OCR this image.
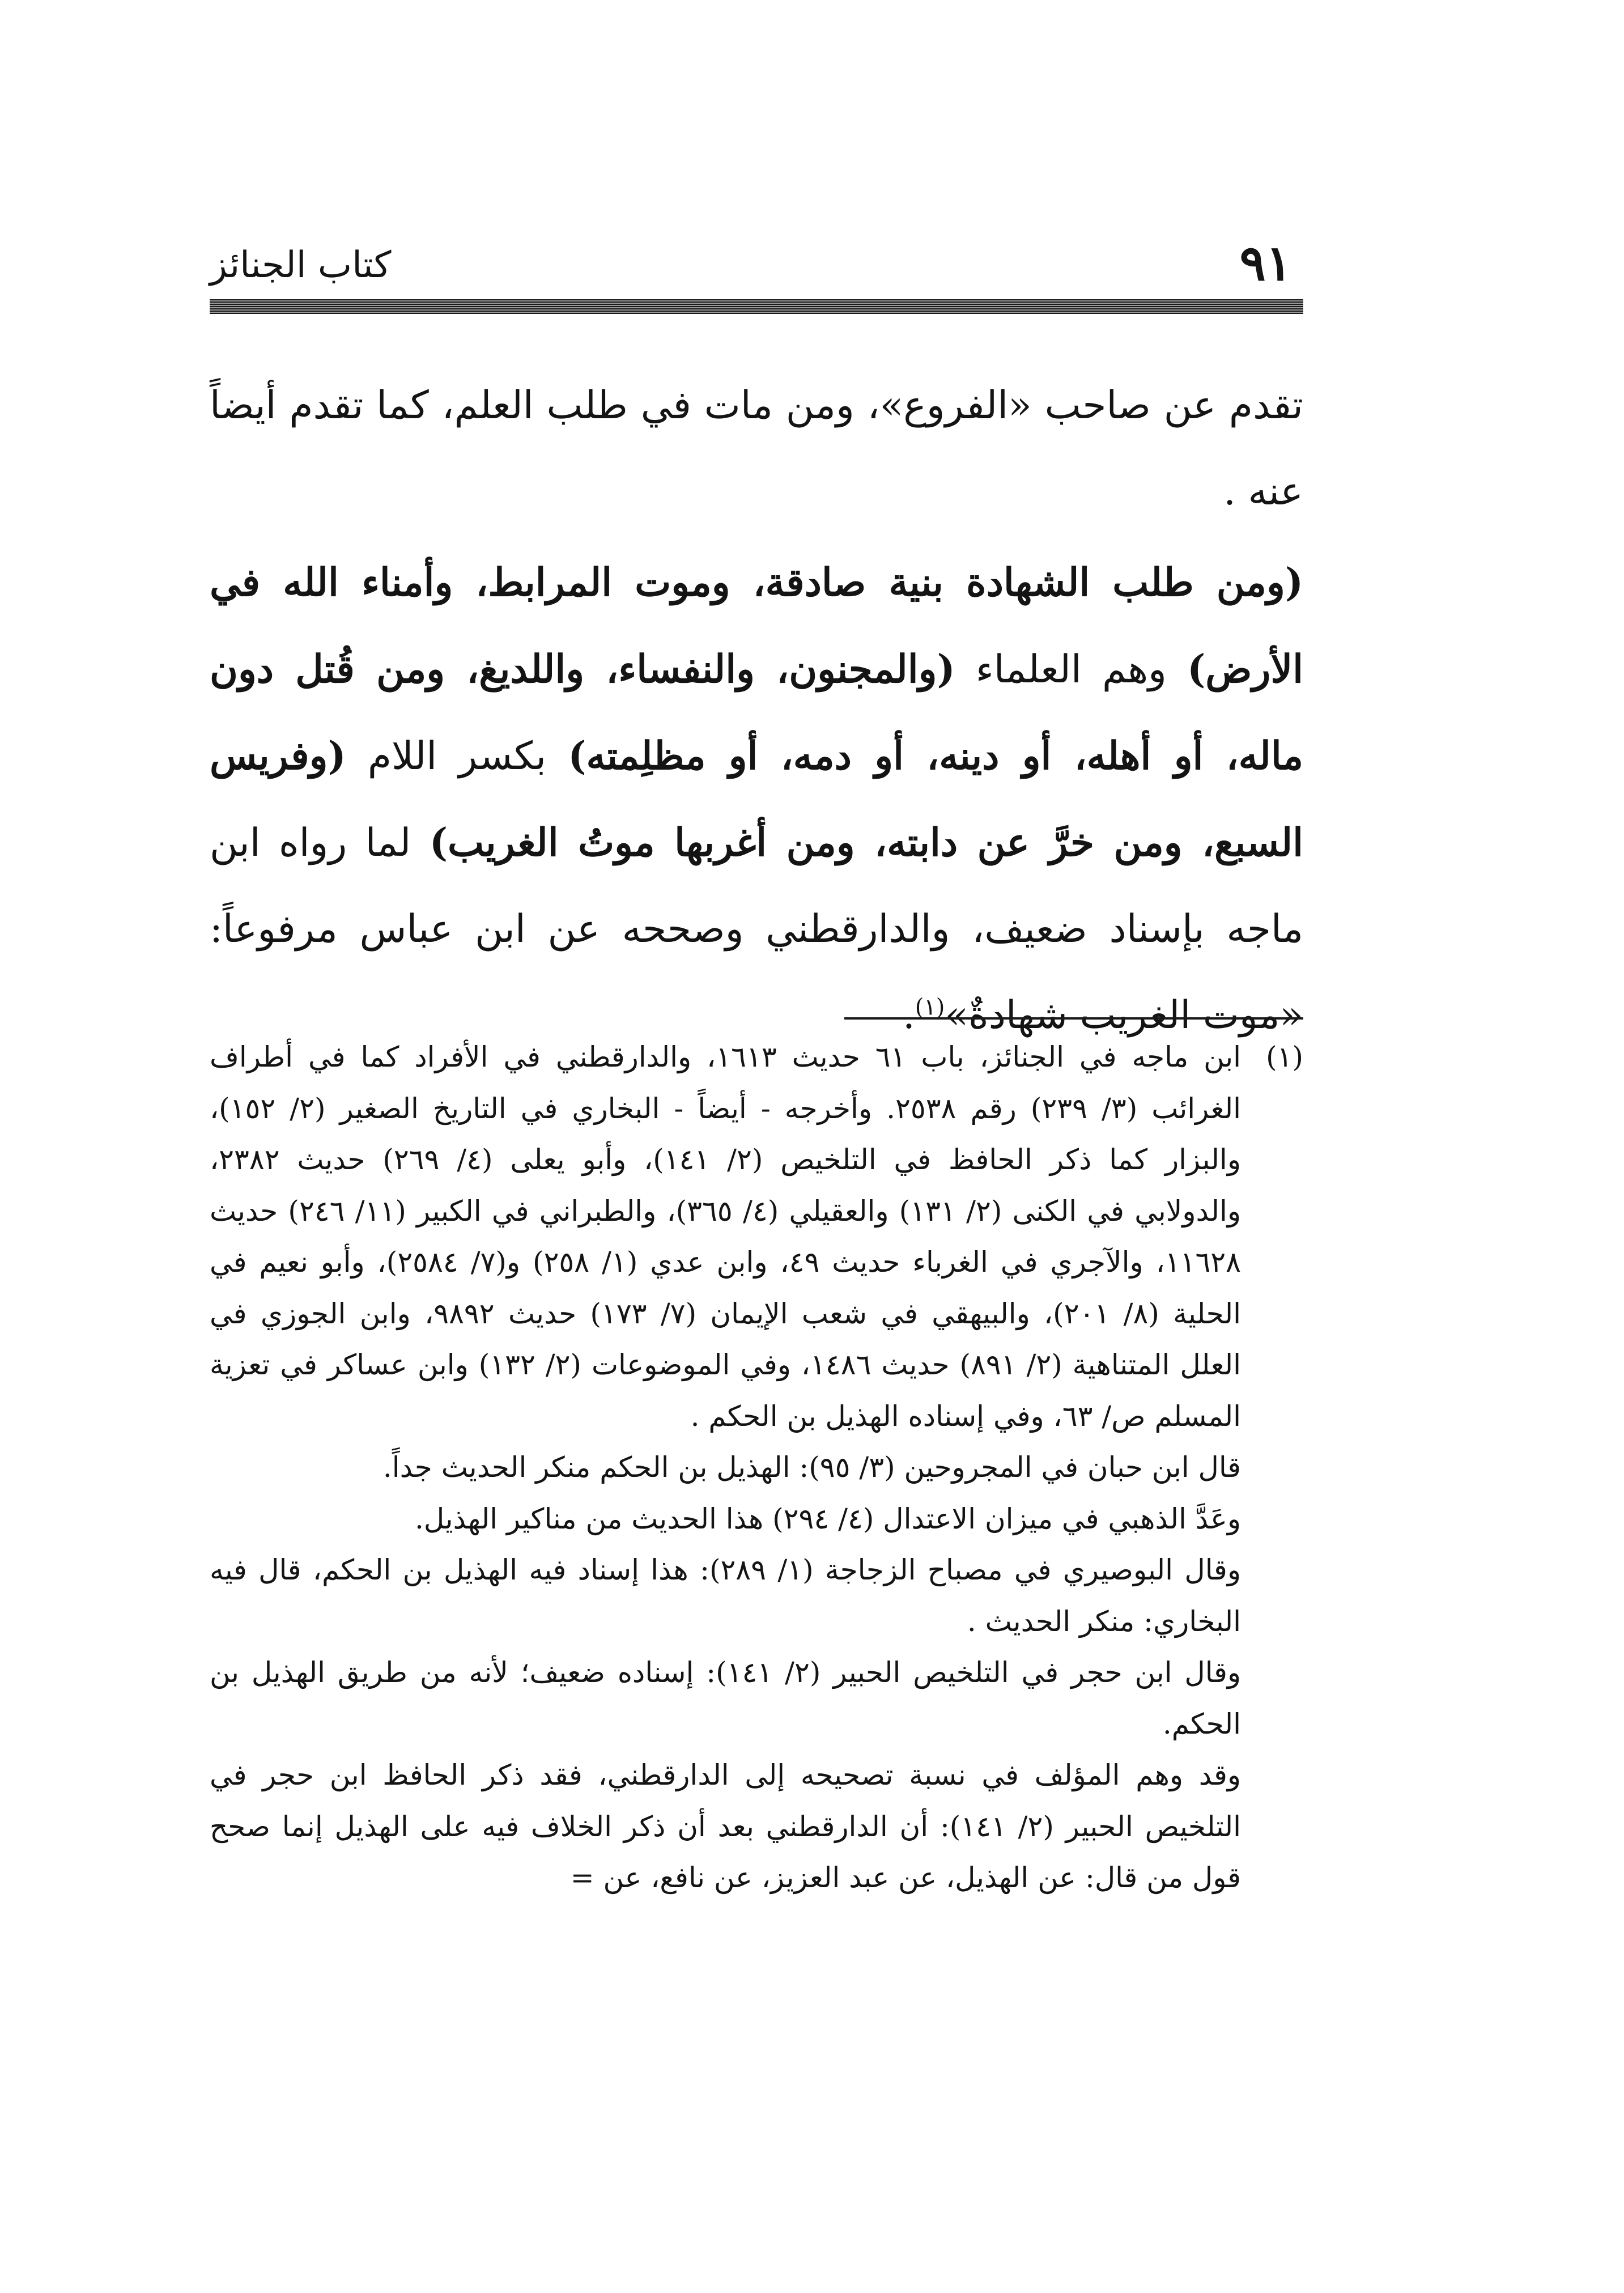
٩١
كتاب الجنائز

تقدم عن صاحب «الفروع»، ومن مات في طلب العلم، كما تقدم أيضاً عنه .

(ومن طلب الشهادة بنية صادقة، وموت المرابط، وأمناء الله في الأرض) وهم العلماء (والمجنون، والنفساء، واللديغ، ومن قُتل دون ماله، أو أهله، أو دينه، أو دمه، أو مظلِمته) بكسر اللام (وفريس السبع، ومن خرَّ عن دابته، ومن أغربها موتُ الغريب) لما رواه ابن ماجه بإسناد ضعيف، والدارقطني وصححه عن ابن عباس مرفوعاً: «موت الغريب شهادةٌ»$^{(١)}$.

(١)

ابن ماجه في الجنائز، باب ٦١ حديث ١٦١٣، والدارقطني في الأفراد كما في أطراف الغرائب (٣/ ٢٣٩) رقم ٢٥٣٨. وأخرجه - أيضاً - البخاري في التاريخ الصغير (٢/ ١٥٢)، والبزار كما ذكر الحافظ في التلخيص (٢/ ١٤١)، وأبو يعلى (٤/ ٢٦٩) حديث ٢٣٨٢، والدولابي في الكنى (٢/ ١٣١) والعقيلي (٤/ ٣٦٥)، والطبراني في الكبير (١١/ ٢٤٦) حديث ١١٦٢٨، والآجري في الغرباء حديث ٤٩، وابن عدي (١/ ٢٥٨) و(٧/ ٢٥٨٤)، وأبو نعيم في الحلية (٨/ ٢٠١)، والبيهقي في شعب الإيمان (٧/ ١٧٣) حديث ٩٨٩٢، وابن الجوزي في العلل المتناهية (٢/ ٨٩١) حديث ١٤٨٦، وفي الموضوعات (٢/ ١٣٢) وابن عساكر في تعزية المسلم ص/ ٦٣، وفي إسناده الهذيل بن الحكم .

قال ابن حبان في المجروحين (٣/ ٩٥): الهذيل بن الحكم منكر الحديث جداً.

وعَدَّ الذهبي في ميزان الاعتدال (٤/ ٢٩٤) هذا الحديث من مناكير الهذيل.

وقال البوصيري في مصباح الزجاجة (١/ ٢٨٩): هذا إسناد فيه الهذيل بن الحكم، قال فيه البخاري: منكر الحديث .

وقال ابن حجر في التلخيص الحبير (٢/ ١٤١): إسناده ضعيف؛ لأنه من طريق الهذيل بن الحكم.

وقد وهم المؤلف في نسبة تصحيحه إلى الدارقطني، فقد ذكر الحافظ ابن حجر في التلخيص الحبير (٢/ ١٤١): أن الدارقطني بعد أن ذكر الخلاف فيه على الهذيل إنما صحح قول من قال: عن الهذيل، عن عبد العزيز، عن نافع، عن =
